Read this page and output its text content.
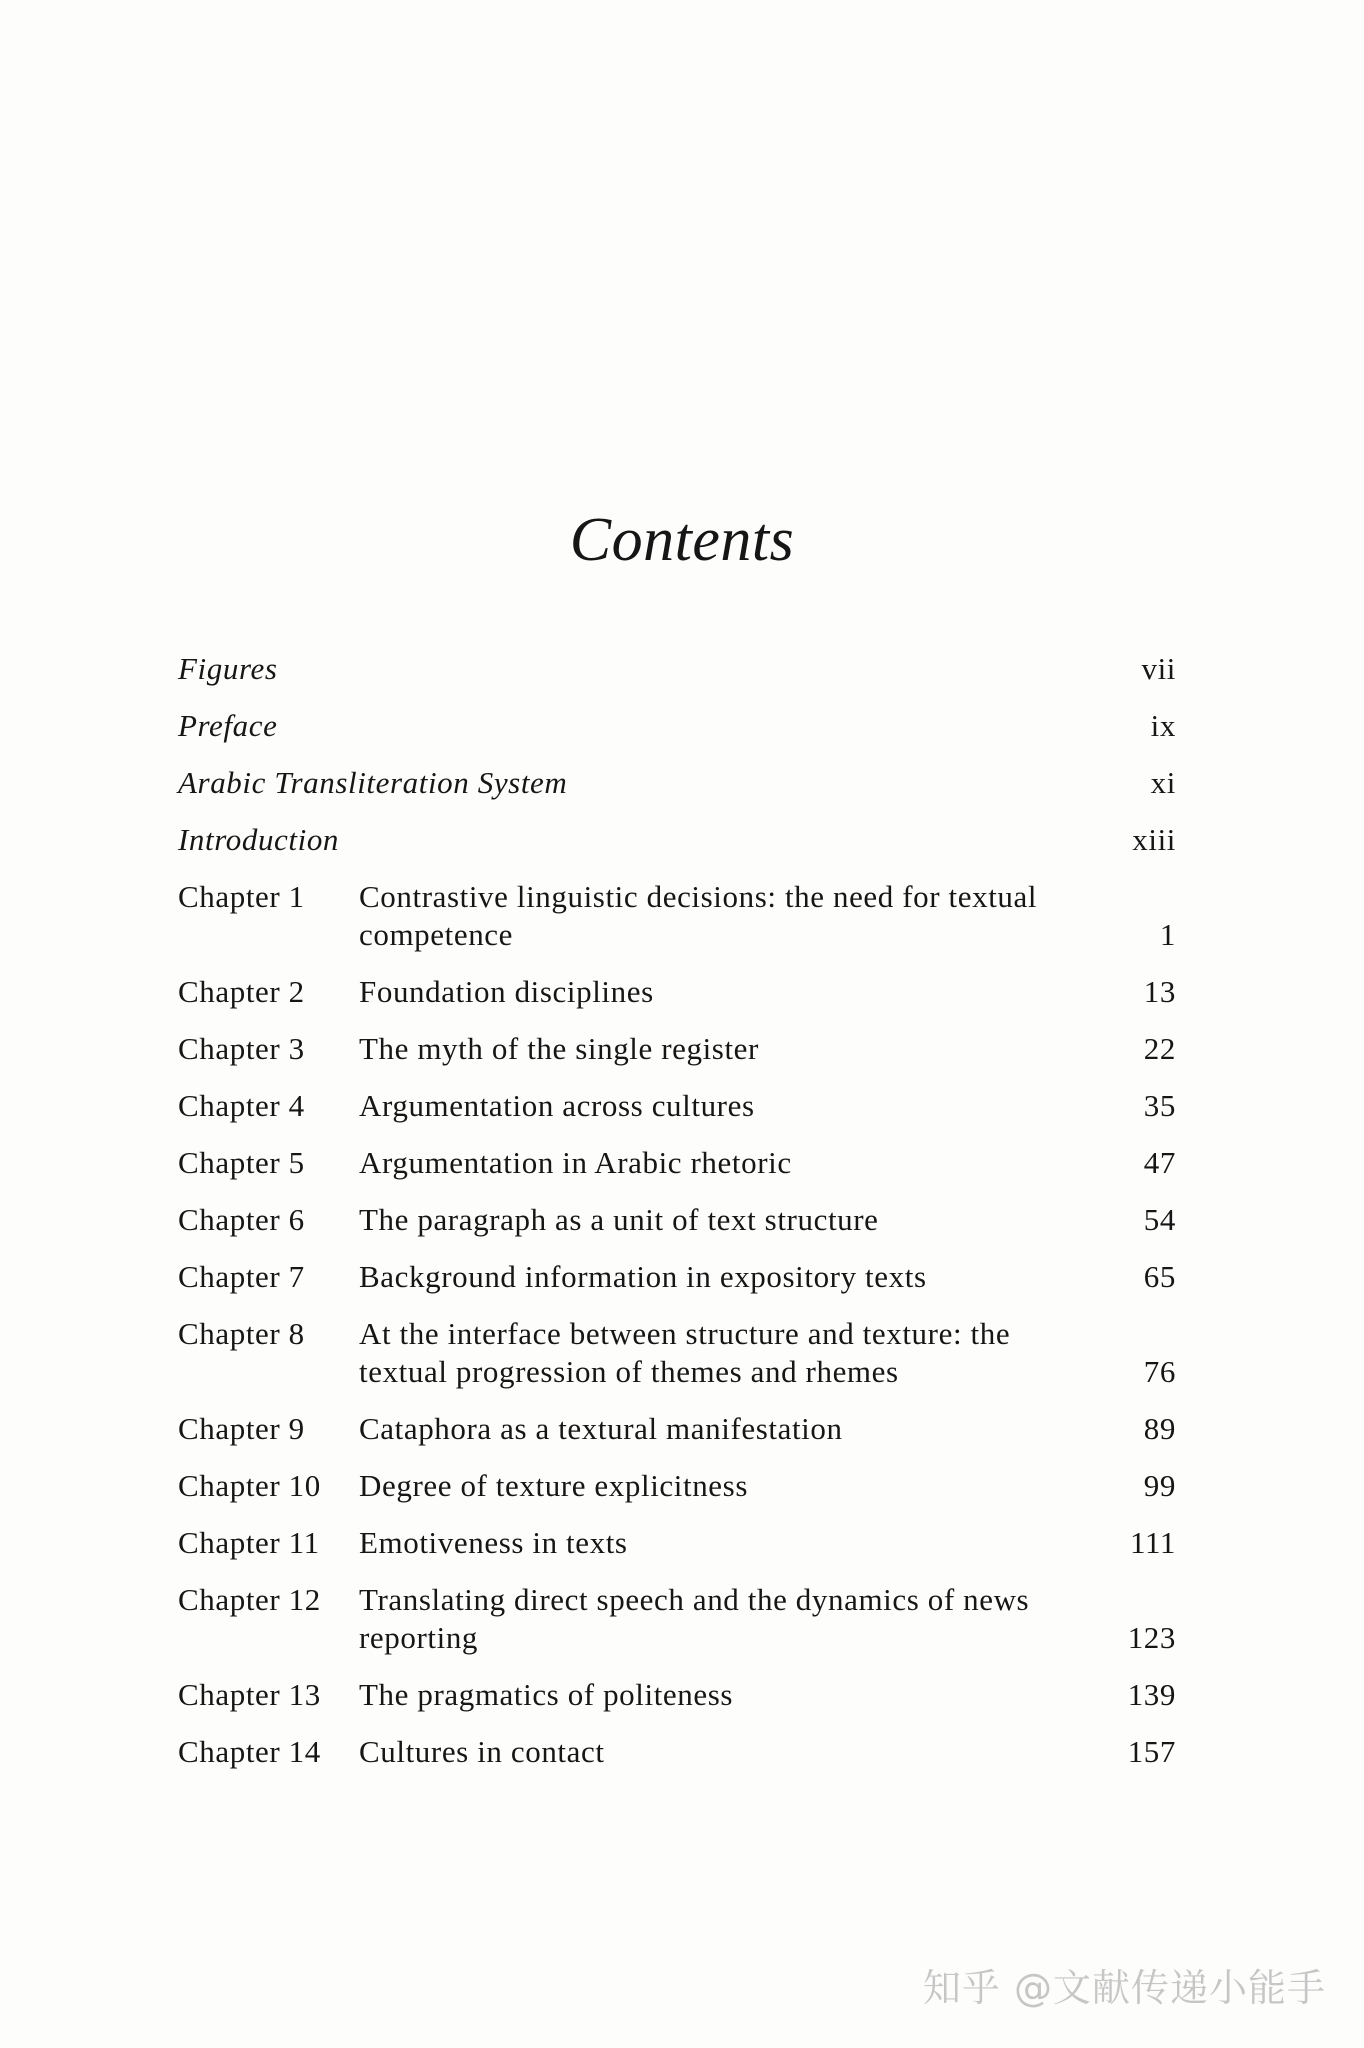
Contents
Figures	vii
Preface	ix
Arabic Transliteration System	xi
Introduction	xiii
Chapter 1 Contrastive linguistic decisions: the need for textual competence	1
Chapter 2 Foundation disciplines	13
Chapter 3 The myth of the single register	22
Chapter 4 Argumentation across cultures	35
Chapter 5 Argumentation in Arabic rhetoric	47
Chapter 6 The paragraph as a unit of text structure	54
Chapter 7 Background information in expository texts	65
Chapter 8 At the interface between structure and texture: the textual progression of themes and rhemes	76
Chapter 9 Cataphora as a textural manifestation	89
Chapter 10 Degree of texture explicitness	99
Chapter 11 Emotiveness in texts	111
Chapter 12 Translating direct speech and the dynamics of news reporting	123
Chapter 13 The pragmatics of politeness	139
Chapter 14 Cultures in contact	157
知乎 @文献传递小能手
